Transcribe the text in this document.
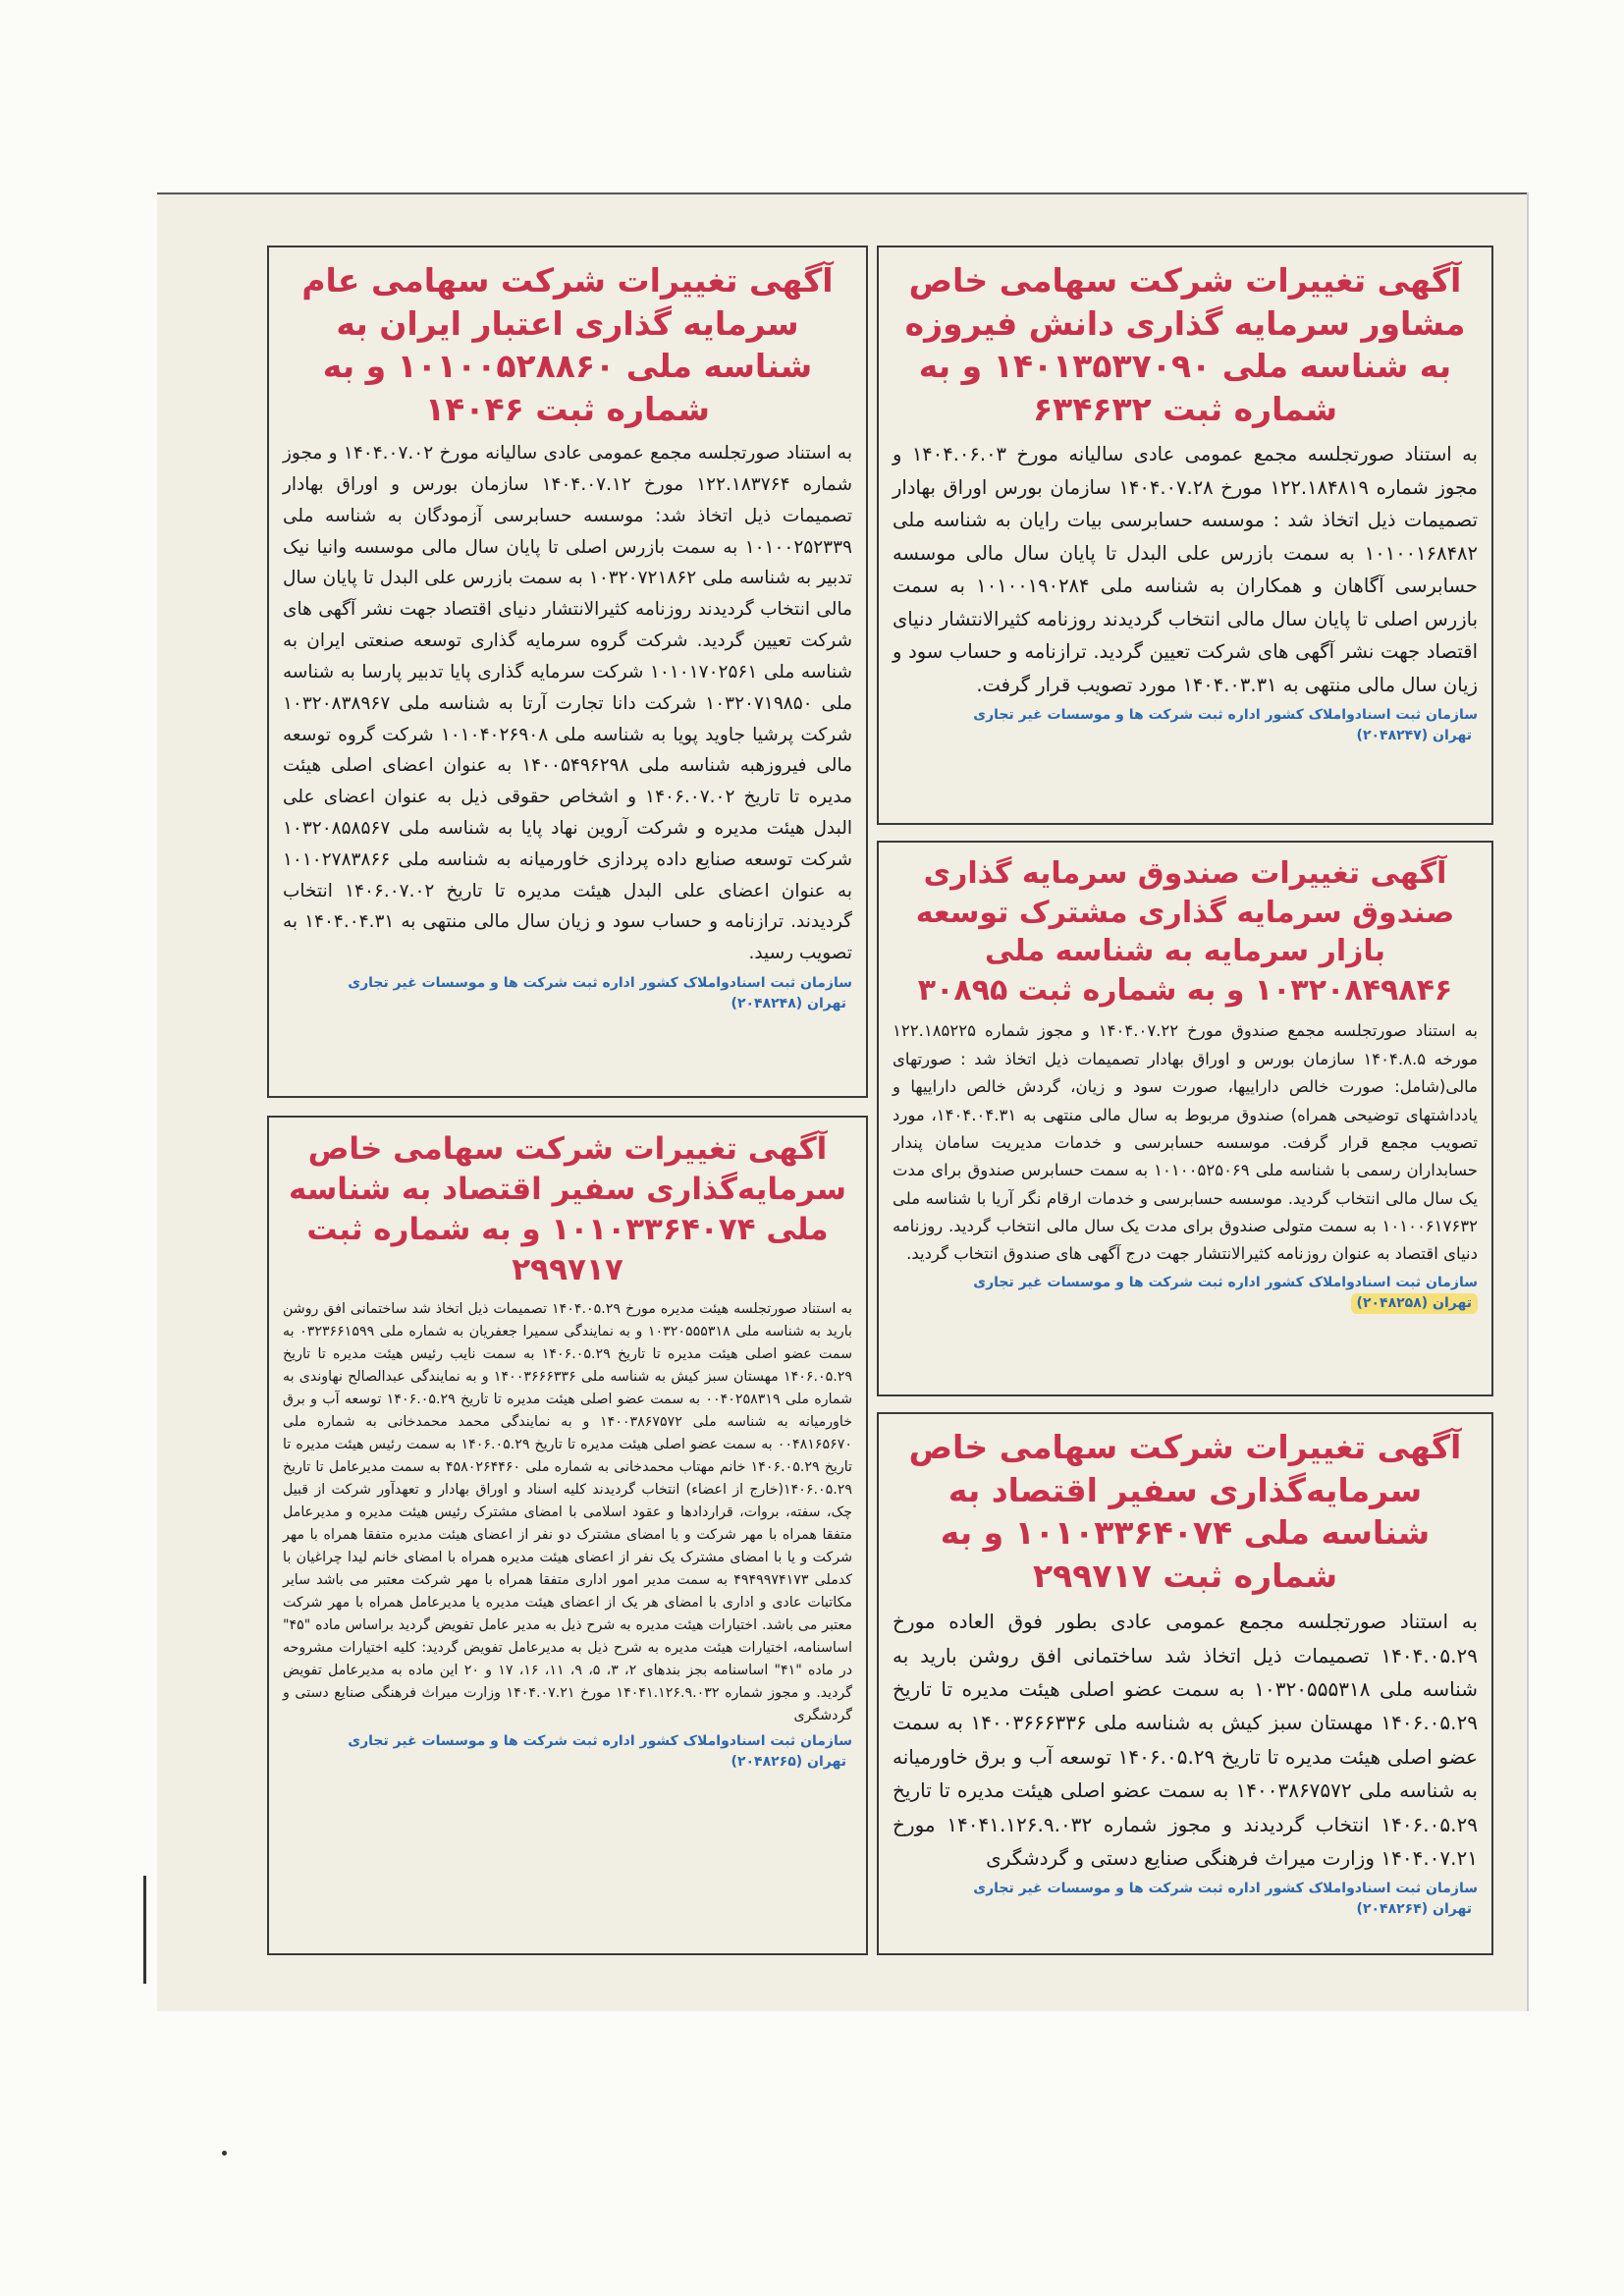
آگهی تغییرات شرکت سهامی خاص مشاور سرمایه گذاری دانش فیروزه به شناسه ملی ۱۴۰۱۳۵۳۷۰۹۰ و به شماره ثبت ۶۳۴۶۳۲
به استناد صورتجلسه مجمع عمومی عادی سالیانه مورخ ۱۴۰۴.۰۶.۰۳ و مجوز شماره ۱۲۲.۱۸۴۸۱۹ مورخ ۱۴۰۴.۰۷.۲۸ سازمان بورس اوراق بهادار تصمیمات ذیل اتخاذ شد : موسسه حسابرسی بیات رایان به شناسه ملی ۱۰۱۰۰۱۶۸۴۸۲ به سمت بازرس علی البدل تا پایان سال مالی موسسه حسابرسی آگاهان و همکاران به شناسه ملی ۱۰۱۰۰۱۹۰۲۸۴ به سمت بازرس اصلی تا پایان سال مالی انتخاب گردیدند روزنامه کثیرالانتشار دنیای اقتصاد جهت نشر آگهی های شرکت تعیین گردید. ترازنامه و حساب سود و زیان سال مالی منتهی به ۱۴۰۴.۰۳.۳۱ مورد تصویب قرار گرفت.
سازمان ثبت اسنادواملاک کشور اداره ثبت شرکت ها و موسسات غیر تجاری
تهران (۲۰۴۸۲۴۷)
آگهی تغییرات شرکت سهامی عام سرمایه گذاری اعتبار ایران به شناسه ملی ۱۰۱۰۰۵۲۸۸۶۰ و به شماره ثبت ۱۴۰۴۶
به استناد صورتجلسه مجمع عمومی عادی سالیانه مورخ ۱۴۰۴.۰۷.۰۲ و مجوز شماره ۱۲۲.۱۸۳۷۶۴ مورخ ۱۴۰۴.۰۷.۱۲ سازمان بورس و اوراق بهادار تصمیمات ذیل اتخاذ شد: موسسه حسابرسی آزمودگان به شناسه ملی ۱۰۱۰۰۲۵۲۳۳۹ به سمت بازرس اصلی تا پایان سال مالی موسسه وانیا نیک تدبیر به شناسه ملی ۱۰۳۲۰۷۲۱۸۶۲ به سمت بازرس علی البدل تا پایان سال مالی انتخاب گردیدند روزنامه کثیرالانتشار دنیای اقتصاد جهت نشر آگهی های شرکت تعیین گردید. شرکت گروه سرمایه گذاری توسعه صنعتی ایران به شناسه ملی ۱۰۱۰۱۷۰۲۵۶۱ شرکت سرمایه گذاری پایا تدبیر پارسا به شناسه ملی ۱۰۳۲۰۷۱۹۸۵۰ شرکت دانا تجارت آرتا به شناسه ملی ۱۰۳۲۰۸۳۸۹۶۷ شرکت پرشیا جاوید پویا به شناسه ملی ۱۰۱۰۴۰۲۶۹۰۸ شرکت گروه توسعه مالی فیروزهبه شناسه ملی ۱۴۰۰۵۴۹۶۲۹۸ به عنوان اعضای اصلی هیئت مدیره تا تاریخ ۱۴۰۶.۰۷.۰۲ و اشخاص حقوقی ذیل به عنوان اعضای علی البدل هیئت مدیره و شرکت آروین نهاد پایا به شناسه ملی ۱۰۳۲۰۸۵۸۵۶۷ شرکت توسعه صنایع داده پردازی خاورمیانه به شناسه ملی ۱۰۱۰۲۷۸۳۸۶۶ به عنوان اعضای علی البدل هیئت مدیره تا تاریخ ۱۴۰۶.۰۷.۰۲ انتخاب گردیدند. ترازنامه و حساب سود و زیان سال مالی منتهی به ۱۴۰۴.۰۴.۳۱ به تصویب رسید.
سازمان ثبت اسنادواملاک کشور اداره ثبت شرکت ها و موسسات غیر تجاری
تهران (۲۰۴۸۲۴۸)
آگهی تغییرات صندوق سرمایه گذاری صندوق سرمایه گذاری مشترک توسعه بازار سرمایه به شناسه ملی ۱۰۳۲۰۸۴۹۸۴۶ و به شماره ثبت ۳۰۸۹۵
به استناد صورتجلسه مجمع صندوق مورخ ۱۴۰۴.۰۷.۲۲ و مجوز شماره ۱۲۲.۱۸۵۲۲۵ مورخه ۱۴۰۴.۸.۵ سازمان بورس و اوراق بهادار تصمیمات ذیل اتخاذ شد : صورتهای مالی(شامل: صورت خالص داراییها، صورت سود و زیان، گردش خالص داراییها و یادداشتهای توضیحی همراه) صندوق مربوط به سال مالی منتهی به ۱۴۰۴.۰۴.۳۱، مورد تصویب مجمع قرار گرفت. موسسه حسابرسی و خدمات مدیریت سامان پندار حسابداران رسمی با شناسه ملی ۱۰۱۰۰۵۲۵۰۶۹ به سمت حسابرس صندوق برای مدت یک سال مالی انتخاب گردید. موسسه حسابرسی و خدمات ارقام نگر آریا با شناسه ملی ۱۰۱۰۰۶۱۷۶۳۲ به سمت متولی صندوق برای مدت یک سال مالی انتخاب گردید. روزنامه دنیای اقتصاد به عنوان روزنامه کثیرالانتشار جهت درج آگهی های صندوق انتخاب گردید.
سازمان ثبت اسنادواملاک کشور اداره ثبت شرکت ها و موسسات غیر تجاری
تهران (۲۰۴۸۲۵۸)
آگهی تغییرات شرکت سهامی خاص سرمایه‌گذاری سفیر اقتصاد به شناسه ملی ۱۰۱۰۳۳۶۴۰۷۴ و به شماره ثبت ۲۹۹۷۱۷
به استناد صورتجلسه هیئت مدیره مورخ ۱۴۰۴.۰۵.۲۹ تصمیمات ذیل اتخاذ شد ساختمانی افق روشن بارید به شناسه ملی ۱۰۳۲۰۵۵۵۳۱۸ و به نمایندگی سمیرا جعفریان به شماره ملی ۰۳۲۳۶۶۱۵۹۹ به سمت عضو اصلی هیئت مدیره تا تاریخ ۱۴۰۶.۰۵.۲۹ به سمت نایب رئیس هیئت مدیره تا تاریخ ۱۴۰۶.۰۵.۲۹ مهستان سبز کیش به شناسه ملی ۱۴۰۰۳۶۶۶۳۳۶ و به نمایندگی عبدالصالح نهاوندی به شماره ملی ۰۰۴۰۲۵۸۳۱۹ به سمت عضو اصلی هیئت مدیره تا تاریخ ۱۴۰۶.۰۵.۲۹ توسعه آب و برق خاورمیانه به شناسه ملی ۱۴۰۰۳۸۶۷۵۷۲ و به نمایندگی محمد محمدخانی به شماره ملی ۰۰۴۸۱۶۵۶۷۰ به سمت عضو اصلی هیئت مدیره تا تاریخ ۱۴۰۶.۰۵.۲۹ به سمت رئیس هیئت مدیره تا تاریخ ۱۴۰۶.۰۵.۲۹ خانم مهتاب محمدخانی به شماره ملی ۴۵۸۰۲۶۴۴۶۰ به سمت مدیرعامل تا تاریخ ۱۴۰۶.۰۵.۲۹(خارج از اعضاء) انتخاب گردیدند کلیه اسناد و اوراق بهادار و تعهدآور شرکت از قبیل چک، سفته، بروات، قراردادها و عقود اسلامی با امضای مشترک رئیس هیئت مدیره و مدیرعامل متفقا همراه با مهر شرکت و با امضای مشترک دو نفر از اعضای هیئت مدیره متفقا همراه با مهر شرکت و یا با امضای مشترک یک نفر از اعضای هیئت مدیره همراه با امضای خانم لیدا چراغیان با کدملی ۴۹۴۹۹۷۴۱۷۳ به سمت مدیر امور اداری متفقا همراه با مهر شرکت معتبر می باشد سایر مکاتبات عادی و اداری با امضای هر یک از اعضای هیئت مدیره یا مدیرعامل همراه با مهر شرکت معتبر می باشد. اختیارات هیئت مدیره به شرح ذیل به مدیر عامل تفویض گردید براساس ماده "۴۵" اساسنامه، اختیارات هیئت مدیره به شرح ذیل به مدیرعامل تفویض گردید: کلیه اختیارات مشروحه در ماده "۴۱" اساسنامه بجز بندهای ۲، ۳، ۵، ۹، ۱۱، ۱۶، ۱۷ و ۲۰ این ماده به مدیرعامل تفویض گردید. و مجوز شماره ۱۴۰۴۱.۱۲۶.۹.۰۳۲ مورخ ۱۴۰۴.۰۷.۲۱ وزارت میراث فرهنگی صنایع دستی و گردشگری
سازمان ثبت اسنادواملاک کشور اداره ثبت شرکت ها و موسسات غیر تجاری
تهران (۲۰۴۸۲۶۵)
آگهی تغییرات شرکت سهامی خاص سرمایه‌گذاری سفیر اقتصاد به شناسه ملی ۱۰۱۰۳۳۶۴۰۷۴ و به شماره ثبت ۲۹۹۷۱۷
به استناد صورتجلسه مجمع عمومی عادی بطور فوق العاده مورخ ۱۴۰۴.۰۵.۲۹ تصمیمات ذیل اتخاذ شد ساختمانی افق روشن بارید به شناسه ملی ۱۰۳۲۰۵۵۵۳۱۸ به سمت عضو اصلی هیئت مدیره تا تاریخ ۱۴۰۶.۰۵.۲۹ مهستان سبز کیش به شناسه ملی ۱۴۰۰۳۶۶۶۳۳۶ به سمت عضو اصلی هیئت مدیره تا تاریخ ۱۴۰۶.۰۵.۲۹ توسعه آب و برق خاورمیانه به شناسه ملی ۱۴۰۰۳۸۶۷۵۷۲ به سمت عضو اصلی هیئت مدیره تا تاریخ ۱۴۰۶.۰۵.۲۹ انتخاب گردیدند و مجوز شماره ۱۴۰۴۱.۱۲۶.۹.۰۳۲ مورخ ۱۴۰۴.۰۷.۲۱ وزارت میراث فرهنگی صنایع دستی و گردشگری
سازمان ثبت اسنادواملاک کشور اداره ثبت شرکت ها و موسسات غیر تجاری
تهران (۲۰۴۸۲۶۴)
